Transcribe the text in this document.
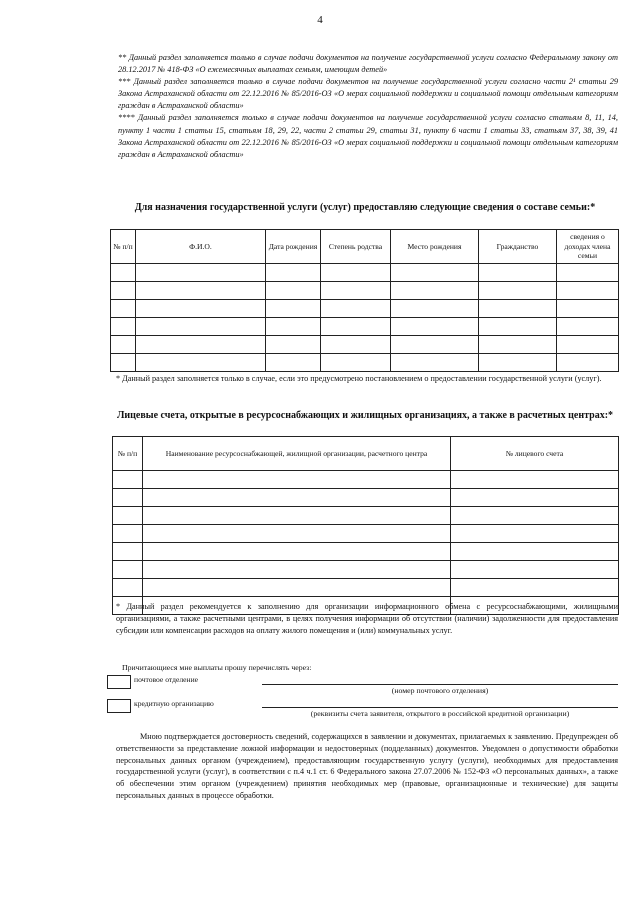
4

** Данный раздел заполняется только в случае подачи документов на получение государственной услуги согласно Федеральному закону от 28.12.2017 № 418-ФЗ «О ежемесячных выплатах семьям, имеющим детей»

*** Данный раздел заполняется только в случае подачи документов на получение государственной услуги согласно части 2¹ статьи 29 Закона Астраханской области от 22.12.2016 № 85/2016-ОЗ «О мерах социальной поддержки и социальной помощи отдельным категориям граждан в Астраханской области»

**** Данный раздел заполняется только в случае подачи документов на получение государственной услуги согласно статьям 8, 11, 14, пункту 1 части 1 статьи 15, статьям 18, 29, 22, части 2 статьи 29, статьи 31, пункту 6 части 1 статьи 33, статьям 37, 38, 39, 41 Закона Астраханской области от 22.12.2016 № 85/2016-ОЗ «О мерах социальной поддержки и социальной помощи отдельным категориям граждан в Астраханской области»

Для назначения государственной услуги (услуг) предоставляю следующие сведения о составе семьи:*
№ п/п	Ф.И.О.	Дата рождения	Степень родства	Место рождения	Гражданство	сведения о доходах члена семьи

* Данный раздел заполняется только в случае, если это предусмотрено постановлением о предоставлении государственной услуги (услуг).
Лицевые счета, открытые в ресурсоснабжающих и жилищных организациях, а также в расчетных центрах:*
№ п/п	Наименование ресурсоснабжающей, жилищной организации, расчетного центра	№ лицевого счета

* Данный раздел рекомендуется к заполнению для организации информационного обмена с ресурсоснабжающими, жилищными организациями, а также расчетными центрами, в целях получения информации об отсутствии (наличии) задолженности для предоставления субсидии или компенсации расходов на оплату жилого помещения и (или) коммунальных услуг.
Причитающиеся мне выплаты прошу перечислять через:
почтовое отделение
(номер почтового отделения)
кредитную организацию
(реквизиты счета заявителя, открытого в российской кредитной организации)

Мною подтверждается достоверность сведений, содержащихся в заявлении и документах, прилагаемых к заявлению. Предупрежден об ответственности за представление ложной информации и недостоверных (подделанных) документов. Уведомлен о допустимости обработки персональных данных органом (учреждением), предоставляющим государственную услугу (услуги), необходимых для предоставления государственной услуги (услуг), в соответствии с п.4 ч.1 ст. 6 Федерального закона 27.07.2006 № 152-ФЗ «О персональных данных», а также об обеспечении этим органом (учреждением) принятия необходимых мер (правовые, организационные и технические) для защиты персональных данных в процессе обработки.
